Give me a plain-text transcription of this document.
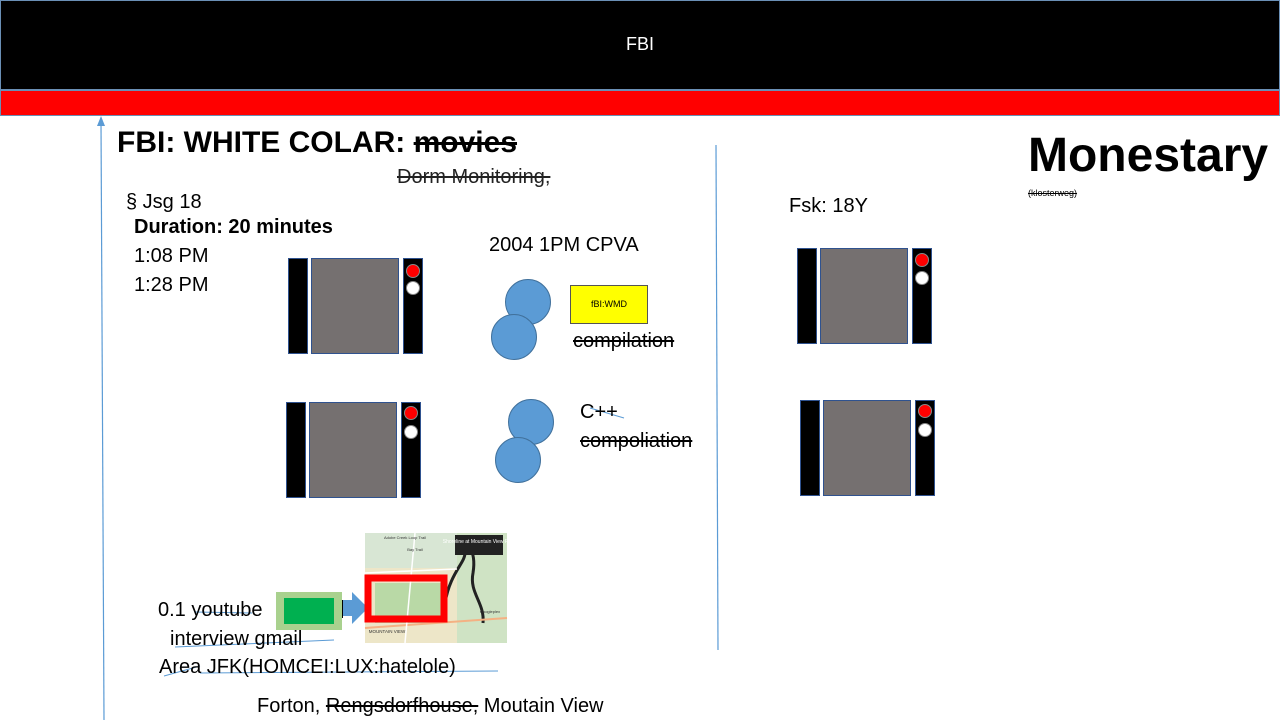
FBI
FBI: WHITE COLAR: movies
Dorm Monitoring,	Monestary
(klosterweg)
§ Jsg 18
Duration: 20 minutes
1:08 PM
1:28 PM
2004 1PM CPVA
Fsk: 18Y
fBI:WMD
compilation
C++
compoliation
Shoreline at Mountain View Park
Adobe Creek Loop Trail
Bay Trail
Googleplex
MOUNTAIN VIEW
0.1 youtube
interview gmail
Area JFK(HOMCEI:LUX:hatelole)
Forton, Rengsdorfhouse, Moutain View
